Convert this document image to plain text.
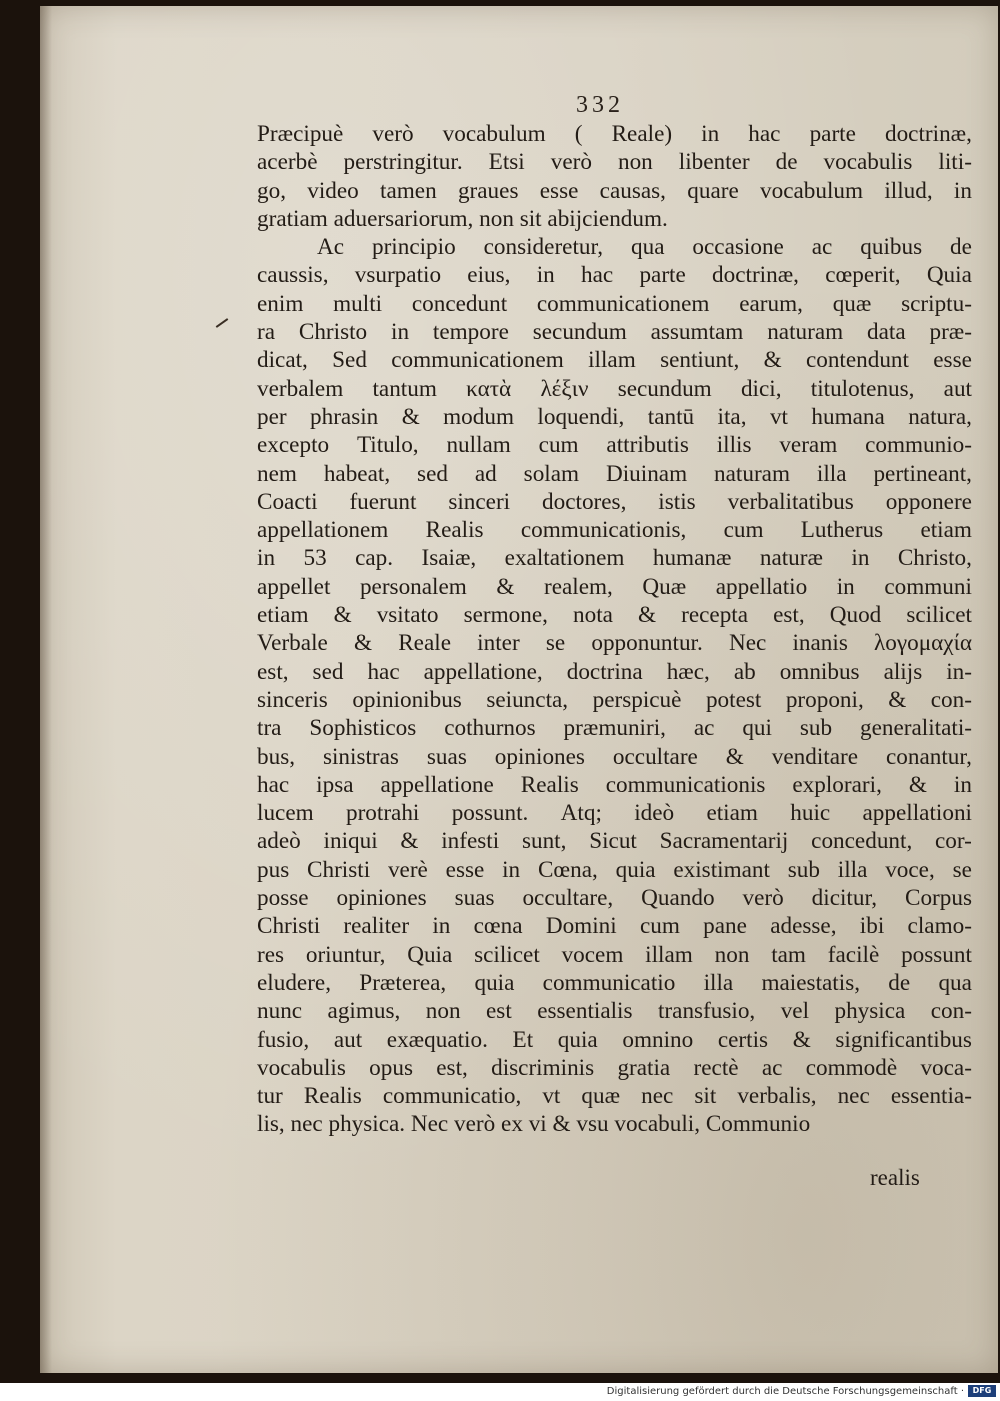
332
Præcipuè verò vocabulum ( Reale) in hac parte doctrinæ,
acerbè perstringitur. Etsi verò non libenter de vocabulis liti-
go, video tamen graues esse causas, quare vocabulum illud, in
gratiam aduersariorum, non sit abijciendum.
Ac principio consideretur, qua occasione ac quibus de
caussis, vsurpatio eius, in hac parte doctrinæ, cœperit, Quia
enim multi concedunt communicationem earum, quæ scriptu-
ra Christo in tempore secundum assumtam naturam data præ-
dicat, Sed communicationem illam sentiunt, & contendunt esse
verbalem tantum κατὰ λέξιν secundum dici, titulotenus, aut
per phrasin & modum loquendi, tantū ita, vt humana natura,
excepto Titulo, nullam cum attributis illis veram communio-
nem habeat, sed ad solam Diuinam naturam illa pertineant,
Coacti fuerunt sinceri doctores, istis verbalitatibus opponere
appellationem Realis communicationis, cum Lutherus etiam
in 53 cap. Isaiæ, exaltationem humanæ naturæ in Christo,
appellet personalem & realem, Quæ appellatio in communi
etiam & vsitato sermone, nota & recepta est, Quod scilicet
Verbale & Reale inter se opponuntur. Nec inanis λογομαχία
est, sed hac appellatione, doctrina hæc, ab omnibus alijs in-
sinceris opinionibus seiuncta, perspicuè potest proponi, & con-
tra Sophisticos cothurnos præmuniri, ac qui sub generalitati-
bus, sinistras suas opiniones occultare & venditare conantur,
hac ipsa appellatione Realis communicationis explorari, & in
lucem protrahi possunt. Atq; ideò etiam huic appellationi
adeò iniqui & infesti sunt, Sicut Sacramentarij concedunt, cor-
pus Christi verè esse in Cœna, quia existimant sub illa voce, se
posse opiniones suas occultare, Quando verò dicitur, Corpus
Christi realiter in cœna Domini cum pane adesse, ibi clamo-
res oriuntur, Quia scilicet vocem illam non tam facilè possunt
eludere, Præterea, quia communicatio illa maiestatis, de qua
nunc agimus, non est essentialis transfusio, vel physica con-
fusio, aut exæquatio. Et quia omnino certis & significantibus
vocabulis opus est, discriminis gratia rectè ac commodè voca-
tur Realis communicatio, vt quæ nec sit verbalis, nec essentia-
lis, nec physica. Nec verò ex vi & vsu vocabuli, Communio
realis
Digitalisierung gefördert durch die Deutsche Forschungsgemeinschaft ·	DFG
